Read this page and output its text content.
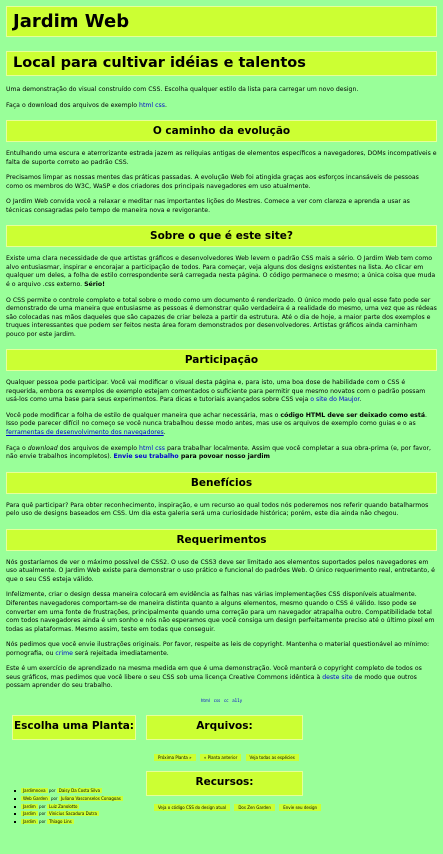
Jardim Web
Local para cultivar idéias e talentos

Uma demonstração do visual construído com CSS. Escolha qualquer estilo da lista para carregar um novo design.

Faça o download dos arquivos de exemplo html css.

O caminho da evolução

Entulhando uma escura e aterrorizante estrada jazem as relíquias antigas de elementos específicos a navegadores, DOMs incompatíveis e falta de suporte correto ao padrão CSS.

Precisamos limpar as nossas mentes das práticas passadas. A evolução Web foi atingida graças aos esforços incansáveis de pessoas como os membros do W3C, WaSP e dos criadores dos principais navegadores em uso atualmente.

O Jardim Web convida você a relaxar e meditar nas importantes lições do Mestres. Comece a ver com clareza e aprenda a usar as técnicas consagradas pelo tempo de maneira nova e revigorante.

Sobre o que é este site?

Existe uma clara necessidade de que artistas gráficos e desenvolvedores Web levem o padrão CSS mais a sério. O Jardim Web tem como alvo entusiasmar, inspirar e encorajar a participação de todos. Para começar, veja alguns dos designs existentes na lista. Ao clicar em qualquer um deles, a folha de estilo correspondente será carregada nesta página. O código permanece o mesmo; a única coisa que muda é o arquivo .css externo. Sério!

O CSS permite o controle completo e total sobre o modo como um documento é renderizado. O único modo pelo qual esse fato pode ser demonstrado de uma maneira que entusiasme as pessoas é demonstrar quão verdadeira é a realidade do mesmo, uma vez que as rédeas são colocadas nas mãos daqueles que são capazes de criar beleza a partir da estrutura. Até o dia de hoje, a maior parte dos exemplos e truques interessantes que podem ser feitos nesta área foram demonstrados por desenvolvedores. Artistas gráficos ainda caminham pouco por este jardim.

Participação

Qualquer pessoa pode participar. Você vai modificar o visual desta página e, para isto, uma boa dose de habilidade com o CSS é requerida, embora os exemplos de exemplo estejam comentados o suficiente para permitir que mesmo novatos com o padrão possam usá-los como uma base para seus experimentos. Para dicas e tutoriais avançados sobre CSS veja o site do Maujor.

Você pode modificar a folha de estilo de qualquer maneira que achar necessária, mas o código HTML deve ser deixado como está. Isso pode parecer difícil no começo se você nunca trabalhou desse modo antes, mas use os arquivos de exemplo como guias e o as ferramentas de desenvolvimento dos navegadores.

Faça o download dos arquivos de exemplo html css para trabalhar localmente. Assim que você completar a sua obra-prima (e, por favor, não envie trabalhos incompletos). Envie seu trabalho para povoar nosso jardim

Benefícios

Para quê participar? Para obter reconhecimento, inspiração, e um recurso ao qual todos nós poderemos nos referir quando batalharmos pelo uso de designs baseados em CSS. Um dia esta galeria será uma curiosidade histórica; porém, este dia ainda não chegou.

Requerimentos

Nós gostaríamos de ver o máximo possível de CSS2. O uso de CSS3 deve ser limitado aos elementos suportados pelos navegadores em uso atualmente. O Jardim Web existe para demonstrar o uso prático e funcional do padrões Web. O único requerimento real, entretanto, é que o seu CSS esteja válido.

Infelizmente, criar o design dessa maneira colocará em evidência as falhas nas várias implementações CSS disponíveis atualmente. Diferentes navegadores comportam-se de maneira distinta quanto a alguns elementos, mesmo quando o CSS é válido. Isso pode se converter em uma fonte de frustrações, principalmente quando uma correção para um navegador atrapalha outro. Compatibilidade total com todos navegadores ainda é um sonho e nós não esperamos que você consiga um design perfeitamente preciso até o último pixel em todas as plataformas. Mesmo assim, teste em todas que conseguir.

Nós pedimos que você envie ilustrações originais. Por favor, respeite as leis de copyright. Mantenha o material questionável ao mínimo: pornografia, ou crime será rejeitada imediatamente.

Este é um exercício de aprendizado na mesma medida em que é uma demonstração. Você manterá o copyright completo de todos os seus gráficos, mas pedimos que você libere o seu CSS sob uma licença Creative Commons idêntica à deste site de modo que outros possam aprender do seu trabalho.

html css cc a11y
Escolha uma Planta:	Arquivos:
Próxima Planta »	« Planta anterior	Veja todas as espécies
Jardimnova por Daisy Da Costa Silva
Web Garden por Juliana Vasconselos Conagoas
Jardim por Luiz Zanolotto
Jardim por Vinicius Sacadura Dutra
Jardim por Thiago Lins
Recursos:
Veja o código CSS do design atual	Dos Zen Garden	Envie seu design
